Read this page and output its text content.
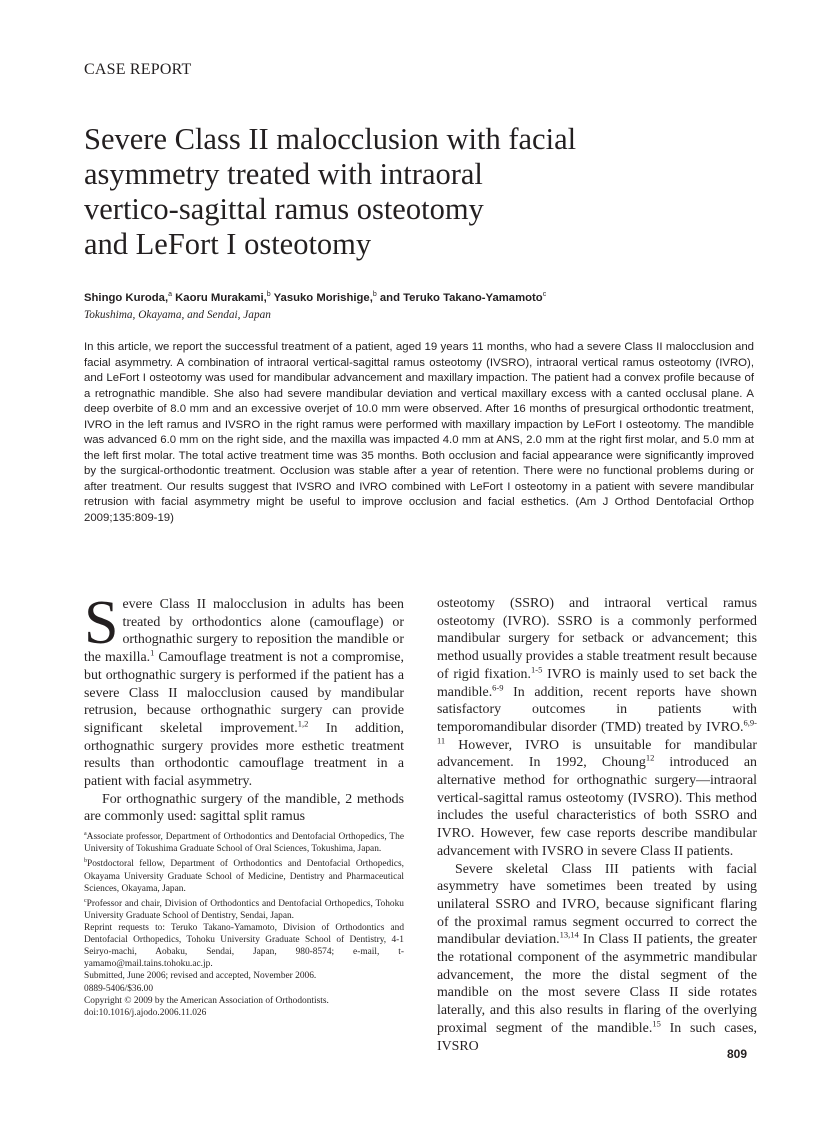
CASE REPORT
Severe Class II malocclusion with facial
asymmetry treated with intraoral
vertico-sagittal ramus osteotomy
and LeFort I osteotomy
Shingo Kuroda,$^a$ Kaoru Murakami,$^b$ Yasuko Morishige,$^b$ and Teruko Takano-Yamamoto$^c$
Tokushima, Okayama, and Sendai, Japan

In this article, we report the successful treatment of a patient, aged 19 years 11 months, who had a severe Class II malocclusion and facial asymmetry. A combination of intraoral vertical-sagittal ramus osteotomy (IVSRO), intraoral vertical ramus osteotomy (IVRO), and LeFort I osteotomy was used for mandibular advancement and maxillary impaction. The patient had a convex profile because of a retrognathic mandible. She also had severe mandibular deviation and vertical maxillary excess with a canted occlusal plane. A deep overbite of 8.0 mm and an excessive overjet of 10.0 mm were observed. After 16 months of presurgical orthodontic treatment, IVRO in the left ramus and IVSRO in the right ramus were performed with maxillary impaction by LeFort I osteotomy. The mandible was advanced 6.0 mm on the right side, and the maxilla was impacted 4.0 mm at ANS, 2.0 mm at the right first molar, and 5.0 mm at the left first molar. The total active treatment time was 35 months. Both occlusion and facial appearance were significantly improved by the surgical-orthodontic treatment. Occlusion was stable after a year of retention. There were no functional problems during or after treatment. Our results suggest that IVSRO and IVRO combined with LeFort I osteotomy in a patient with severe mandibular retrusion with facial asymmetry might be useful to improve occlusion and facial esthetics. (Am J Orthod Dentofacial Orthop 2009;135:809-19)

Severe Class II malocclusion in adults has been treated by orthodontics alone (camouflage) or orthognathic surgery to reposition the mandible or the maxilla.$^1$ Camouflage treatment is not a compromise, but orthognathic surgery is performed if the patient has a severe Class II malocclusion caused by mandibular retrusion, because orthognathic surgery can provide significant skeletal improvement.$^{1,2}$ In addition, orthognathic surgery provides more esthetic treatment results than orthodontic camouflage treatment in a patient with facial asymmetry.

For orthognathic surgery of the mandible, 2 methods are commonly used: sagittal split ramus

$^a$Associate professor, Department of Orthodontics and Dentofacial Orthopedics, The University of Tokushima Graduate School of Oral Sciences, Tokushima, Japan.

$^b$Postdoctoral fellow, Department of Orthodontics and Dentofacial Orthopedics, Okayama University Graduate School of Medicine, Dentistry and Pharmaceutical Sciences, Okayama, Japan.

$^c$Professor and chair, Division of Orthodontics and Dentofacial Orthopedics, Tohoku University Graduate School of Dentistry, Sendai, Japan.

Reprint requests to: Teruko Takano-Yamamoto, Division of Orthodontics and Dentofacial Orthopedics, Tohoku University Graduate School of Dentistry, 4-1 Seiryo-machi, Aobaku, Sendai, Japan, 980-8574; e-mail, t-yamamo@mail.tains.tohoku.ac.jp.

Submitted, June 2006; revised and accepted, November 2006.

0889-5406/$36.00

Copyright © 2009 by the American Association of Orthodontists.

doi:10.1016/j.ajodo.2006.11.026

osteotomy (SSRO) and intraoral vertical ramus osteotomy (IVRO). SSRO is a commonly performed mandibular surgery for setback or advancement; this method usually provides a stable treatment result because of rigid fixation.$^{1-5}$ IVRO is mainly used to set back the mandible.$^{6-9}$ In addition, recent reports have shown satisfactory outcomes in patients with temporomandibular disorder (TMD) treated by IVRO.$^{6,9-11}$ However, IVRO is unsuitable for mandibular advancement. In 1992, Choung$^{12}$ introduced an alternative method for orthognathic surgery—intraoral vertical-sagittal ramus osteotomy (IVSRO). This method includes the useful characteristics of both SSRO and IVRO. However, few case reports describe mandibular advancement with IVSRO in severe Class II patients.

Severe skeletal Class III patients with facial asymmetry have sometimes been treated by using unilateral SSRO and IVRO, because significant flaring of the proximal ramus segment occurred to correct the mandibular deviation.$^{13,14}$ In Class II patients, the greater the rotational component of the asymmetric mandibular advancement, the more the distal segment of the mandible on the most severe Class II side rotates laterally, and this also results in flaring of the overlying proximal segment of the mandible.$^{15}$ In such cases, IVSRO

809
